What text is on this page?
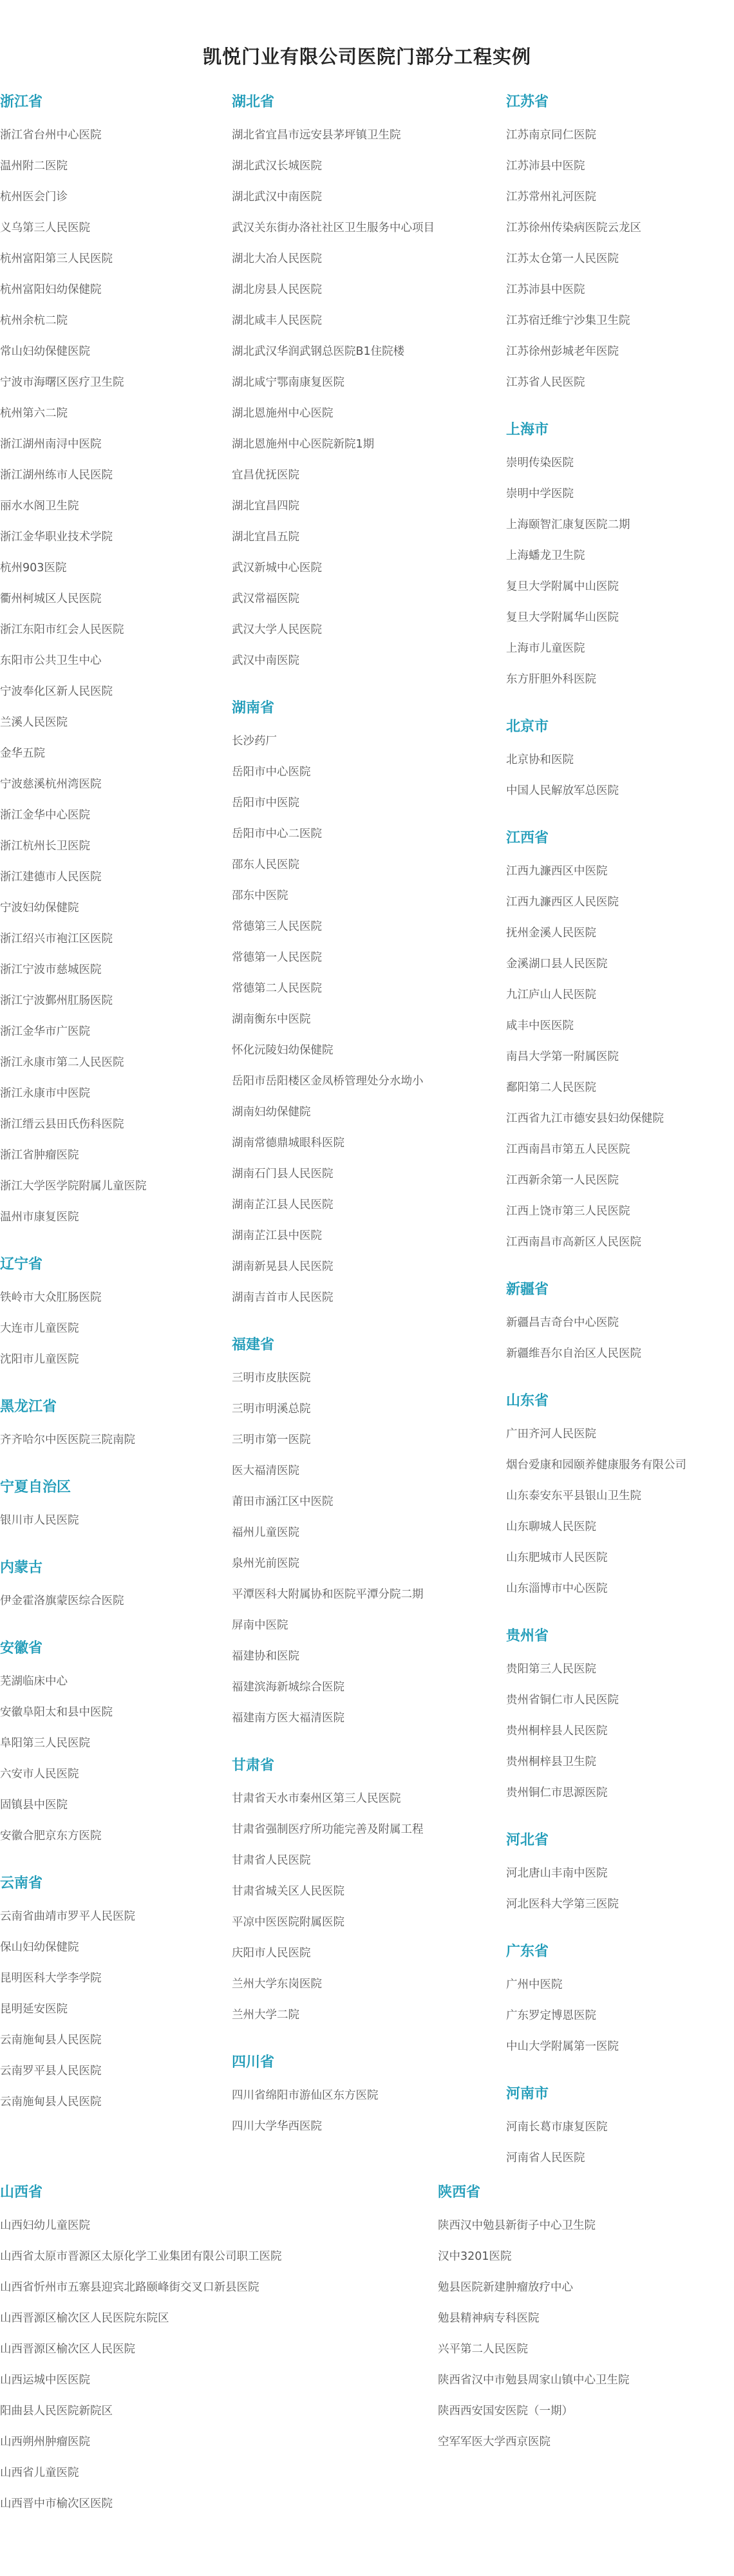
凯悦门业有限公司医院门部分工程实例
浙江省
浙江省台州中心医院
温州附二医院
杭州医会门诊
义乌第三人民医院
杭州富阳第三人民医院
杭州富阳妇幼保健院
杭州余杭二院
常山妇幼保健医院
宁波市海曙区医疗卫生院
杭州第六二院
浙江湖州南浔中医院
浙江湖州练市人民医院
丽水水阁卫生院
浙江金华职业技术学院
杭州903医院
衢州柯城区人民医院
浙江东阳市红会人民医院
东阳市公共卫生中心
宁波奉化区新人民医院
兰溪人民医院
金华五院
宁波慈溪杭州湾医院
浙江金华中心医院
浙江杭州长卫医院
浙江建德市人民医院
宁波妇幼保健院
浙江绍兴市袍江区医院
浙江宁波市慈城医院
浙江宁波鄞州肛肠医院
浙江金华市广医院
浙江永康市第二人民医院
浙江永康市中医院
浙江缙云县田氏伤科医院
浙江省肿瘤医院
浙江大学医学院附属儿童医院
温州市康复医院
辽宁省
铁岭市大众肛肠医院
大连市儿童医院
沈阳市儿童医院
黑龙江省
齐齐哈尔中医医院三院南院
宁夏自治区
银川市人民医院
内蒙古
伊金霍洛旗蒙医综合医院
安徽省
芜湖临床中心
安徽阜阳太和县中医院
阜阳第三人民医院
六安市人民医院
固镇县中医院
安徽合肥京东方医院
云南省
云南省曲靖市罗平人民医院
保山妇幼保健院
昆明医科大学李学院
昆明延安医院
云南施甸县人民医院
云南罗平县人民医院
云南施甸县人民医院
湖北省
湖北省宜昌市远安县茅坪镇卫生院
湖北武汉长城医院
湖北武汉中南医院
武汉关东街办洛社社区卫生服务中心项目
湖北大冶人民医院
湖北房县人民医院
湖北咸丰人民医院
湖北武汉华润武钢总医院B1住院楼
湖北咸宁鄂南康复医院
湖北恩施州中心医院
湖北恩施州中心医院新院1期
宜昌优抚医院
湖北宜昌四院
湖北宜昌五院
武汉新城中心医院
武汉常福医院
武汉大学人民医院
武汉中南医院
湖南省
长沙药厂
岳阳市中心医院
岳阳市中医院
岳阳市中心二医院
邵东人民医院
邵东中医院
常德第三人民医院
常德第一人民医院
常德第二人民医院
湖南衡东中医院
怀化沅陵妇幼保健院
岳阳市岳阳楼区金凤桥管理处分水坳小
湖南妇幼保健院
湖南常德鼎城眼科医院
湖南石门县人民医院
湖南芷江县人民医院
湖南芷江县中医院
湖南新晃县人民医院
湖南吉首市人民医院
福建省
三明市皮肤医院
三明市明溪总院
三明市第一医院
医大福清医院
莆田市涵江区中医院
福州儿童医院
泉州光前医院
平潭医科大附属协和医院平潭分院二期
屏南中医院
福建协和医院
福建滨海新城综合医院
福建南方医大福清医院
甘肃省
甘肃省天水市秦州区第三人民医院
甘肃省强制医疗所功能完善及附属工程
甘肃省人民医院
甘肃省城关区人民医院
平凉中医医院附属医院
庆阳市人民医院
兰州大学东岗医院
兰州大学二院
四川省
四川省绵阳市游仙区东方医院
四川大学华西医院
江苏省
江苏南京同仁医院
江苏沛县中医院
江苏常州礼河医院
江苏徐州传染病医院云龙区
江苏太仓第一人民医院
江苏沛县中医院
江苏宿迁维宁沙集卫生院
江苏徐州彭城老年医院
江苏省人民医院
上海市
崇明传染医院
崇明中学医院
上海颐智汇康复医院二期
上海蟠龙卫生院
复旦大学附属中山医院
复旦大学附属华山医院
上海市儿童医院
东方肝胆外科医院
北京市
北京协和医院
中国人民解放军总医院
江西省
江西九濂西区中医院
江西九濂西区人民医院
抚州金溪人民医院
金溪湖口县人民医院
九江庐山人民医院
咸丰中医医院
南昌大学第一附属医院
鄱阳第二人民医院
江西省九江市德安县妇幼保健院
江西南昌市第五人民医院
江西新余第一人民医院
江西上饶市第三人民医院
江西南昌市高新区人民医院
新疆省
新疆昌吉奇台中心医院
新疆维吾尔自治区人民医院
山东省
广田齐河人民医院
烟台爱康和园颐养健康服务有限公司
山东泰安东平县银山卫生院
山东聊城人民医院
山东肥城市人民医院
山东淄博市中心医院
贵州省
贵阳第三人民医院
贵州省铜仁市人民医院
贵州桐梓县人民医院
贵州桐梓县卫生院
贵州铜仁市思源医院
河北省
河北唐山丰南中医院
河北医科大学第三医院
广东省
广州中医院
广东罗定博恩医院
中山大学附属第一医院
河南市
河南长葛市康复医院
河南省人民医院
山西省
山西妇幼儿童医院
山西省太原市晋源区太原化学工业集团有限公司职工医院
山西省忻州市五寨县迎宾北路颐峰街交叉口新县医院
山西晋源区榆次区人民医院东院区
山西晋源区榆次区人民医院
山西运城中医医院
阳曲县人民医院新院区
山西朔州肿瘤医院
山西省儿童医院
山西晋中市榆次区医院
陕西省
陕西汉中勉县新街子中心卫生院
汉中3201医院
勉县医院新建肿瘤放疗中心
勉县精神病专科医院
兴平第二人民医院
陕西省汉中市勉县周家山镇中心卫生院
陕西西安国安医院（一期）
空军军医大学西京医院
